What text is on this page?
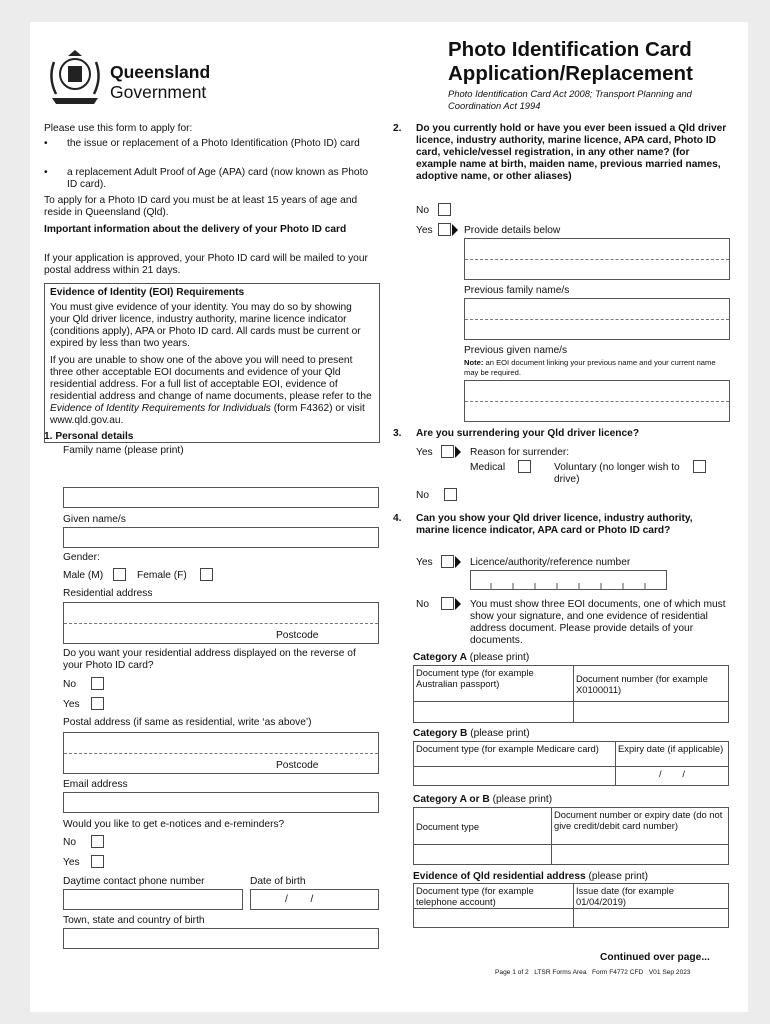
Queensland
Government
Photo Identification Card
Application/Replacement
Photo Identification Card Act 2008; Transport Planning and Coordination Act 1994
Please use this form to apply for:
• the issue or replacement of a Photo Identification (Photo ID) card
• a replacement Adult Proof of Age (APA) card (now known as Photo ID card).
To apply for a Photo ID card you must be at least 15 years of age and reside in Queensland (Qld).
Important information about the delivery of your Photo ID card
If your application is approved, your Photo ID card will be mailed to your postal address within 21 days.
Evidence of Identity (EOI) Requirements
You must give evidence of your identity. You may do so by showing your Qld driver licence, industry authority, marine licence indicator (conditions apply), APA or Photo ID card. All cards must be current or expired by less than two years.
If you are unable to show one of the above you will need to present three other acceptable EOI documents and evidence of your Qld residential address. For a full list of acceptable EOI, evidence of residential address and change of name documents, please refer to the Evidence of Identity Requirements for Individuals (form F4362) or visit www.qld.gov.au.
1. Personal details
Family name (please print)
Given name/s
Gender:
Male (M)	Female (F)
Residential address
Postcode
Do you want your residential address displayed on the reverse of your Photo ID card?
No
Yes
Postal address (if same as residential, write ‘as above’)
Postcode
Email address
Would you like to get e-notices and e-reminders?
No
Yes
Daytime contact phone number	Date of birth
/        /
Town, state and country of birth
2. Do you currently hold or have you ever been issued a Qld driver licence, industry authority, marine licence, APA card, Photo ID card, vehicle/vessel registration, in any other name? (for example name at birth, maiden name, previous married names, adoptive name, or other aliases)
No
Yes	Provide details below
Previous family name/s
Previous given name/s
Note: an EOI document linking your previous name and your current name may be required.
3. Are you surrendering your Qld driver licence?
Yes	Reason for surrender:
Medical	Voluntary (no longer wish to drive)
No
4. Can you show your Qld driver licence, industry authority, marine licence indicator, APA card or Photo ID card?
Yes	Licence/authority/reference number
No	You must show three EOI documents, one of which must show your signature, and one evidence of residential address document. Please provide details of your documents.
Category A (please print)
Document type (for example Australian passport)	Document number (for example X0100011)

Category B (please print)
Document type (for example Medicare card)	Expiry date (if applicable)
	/        /
Category A or B (please print)
Document type	Document number or expiry date (do not give credit/debit card number)

Evidence of Qld residential address (please print)
Document type (for example telephone account)	Issue date (for example 01/04/2019)

Continued over page...
Page 1 of 2   LTSR Forms Area   Form F4772 CFD   V01 Sep 2023
